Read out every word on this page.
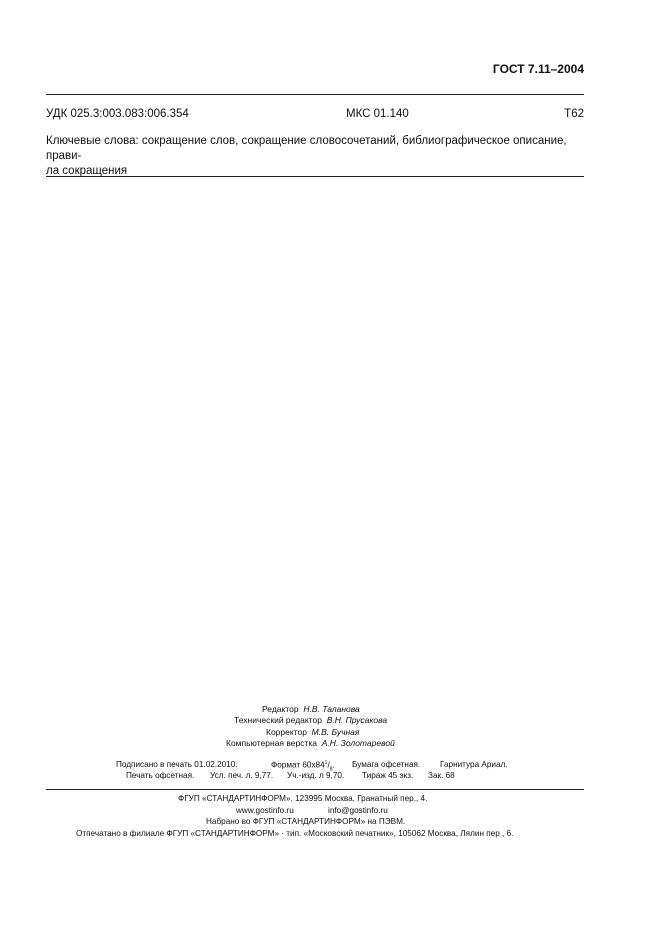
ГОСТ 7.11–2004
УДК 025.3:003.083:006.354	МКС 01.140	Т62
Ключевые слова: сокращение слов, сокращение словосочетаний, библиографическое описание, прави-
ла сокращения
Редактор Н.В. Таланова
Технический редактор В.Н. Прусакова
Корректор М.В. Бучная
Компьютерная верстка А.Н. Золотаревой
Подписано в печать 01.02.2010.	Формат $60x84^1/_8$. Бумага офсетная. Гарнитура Ариал.
Печать офсетная. Усл. печ. л. 9,77. Уч.-изд. л 9,70. Тираж 45 экз. Зак. 68
ФГУП «СТАНДАРТИНФОРМ». 123995 Москва, Гранатный пер., 4.
www.gostinfo.ru	info@gostinfo.ru
Набрано во ФГУП «СТАНДАРТИНФОРМ» на ПЭВМ.
Отпечатано в филиале ФГУП «СТАНДАРТИНФОРМ» · тип. «Московский печатник», 105062 Москва, Лялин пер , 6.
